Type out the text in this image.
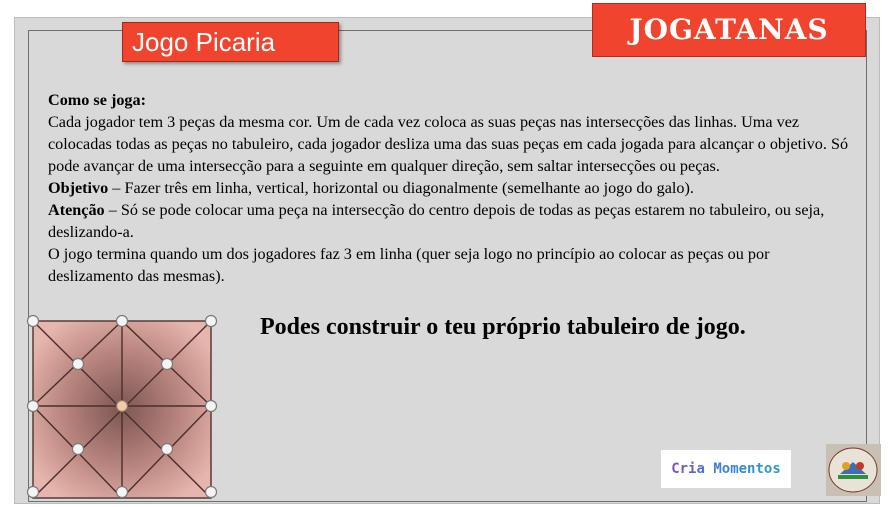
JOGATANAS
Jogo Picaria

Como se joga:

Cada jogador tem 3 peças da mesma cor. Um de cada vez coloca as suas peças nas intersecções das linhas. Uma vez colocadas todas as peças no tabuleiro, cada jogador desliza uma das suas peças em cada jogada para alcançar o objetivo. Só pode avançar de uma intersecção para a seguinte em qualquer direção, sem saltar intersecções ou peças.

Objetivo – Fazer três em linha, vertical, horizontal ou diagonalmente (semelhante ao jogo do galo).

Atenção – Só se pode colocar uma peça na intersecção do centro depois de todas as peças estarem no tabuleiro, ou seja, deslizando-a.

O jogo termina quando um dos jogadores faz 3 em linha (quer seja logo no princípio ao colocar as peças ou por deslizamento das mesmas).

Podes construir o teu próprio tabuleiro de jogo.
Cria Momentos
